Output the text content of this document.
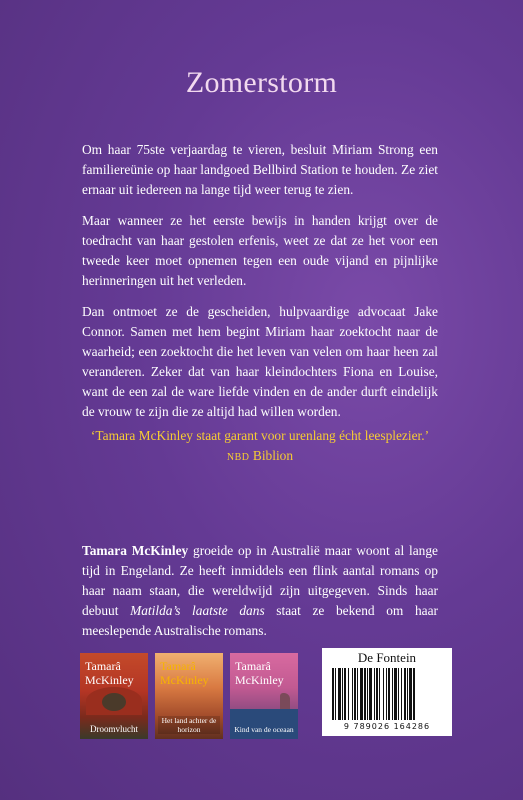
Zomerstorm

Om haar 75ste verjaardag te vieren, besluit Miriam Strong een familiereünie op haar landgoed Bellbird Station te houden. Ze ziet ernaar uit iedereen na lange tijd weer terug te zien.

Maar wanneer ze het eerste bewijs in handen krijgt over de toedracht van haar gestolen erfenis, weet ze dat ze het voor een tweede keer moet opnemen tegen een oude vijand en pijnlijke herinneringen uit het verleden.

Dan ontmoet ze de gescheiden, hulpvaardige advocaat Jake Connor. Samen met hem begint Miriam haar zoektocht naar de waarheid; een zoektocht die het leven van velen om haar heen zal veranderen. Zeker dat van haar kleindochters Fiona en Louise, want de een zal de ware liefde vinden en de ander durft eindelijk de vrouw te zijn die ze altijd had willen worden.

‘Tamara McKinley staat garant voor urenlang écht leesplezier.’
NBD Biblion

Tamara McKinley groeide op in Australië maar woont al lange tijd in Engeland. Ze heeft inmiddels een flink aantal romans op haar naam staan, die wereldwijd zijn uitgegeven. Sinds haar debuut Matilda’s laatste dans staat ze bekend om haar meeslepende Australische romans.

Tamarâ
McKinley
Droomvlucht
Tamarâ
McKinley
Het land achter de horizon
Tamarâ
McKinley
Kind van de oceaan
De Fontein
9 789026 164286
